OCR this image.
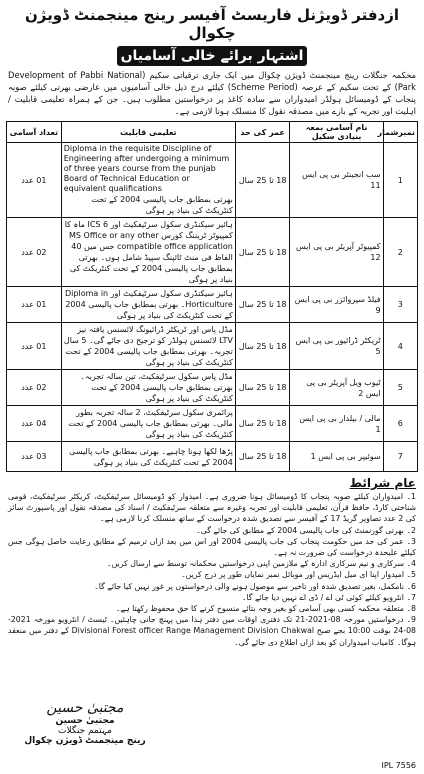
ازدفتر ڈویژنل فاریسٹ آفیسر رینج مینجمنٹ ڈویژن چکوال
اشتہار برائے خالی آسامیاں
محکمہ جنگلات رینج مینجمنٹ ڈویژن چکوال میں ایک جاری ترقیاتی سکیم (Development of Pabbi National Park) کے تحت سکیم کے عرصہ (Scheme Period) کیلئے درج ذیل خالی آسامیوں میں عارضی بھرتی کیلئے صوبہ پنجاب کے ڈومیسائل ہولڈر امیدواران سے سادہ کاغذ پر درخواستیں مطلوب ہیں۔ جن کے ہمراہ تعلیمی قابلیت / اہلیت اور تجربہ کے بارے میں مصدقہ نقول کا منسلک ہونا لازمی ہے۔
نمبرشمار	نام آسامی بمعہ بنیادی سکیل	عمر کی حد	تعلیمی قابلیت	تعداد آسامی
1	سب انجینئر بی پی ایس 11	18 تا 25 سال	Diploma in the requisite Discipline of Engineering after undergoing a minimum of three years course from the punjab Board of Technical Education or equivalent qualifications
بھرتی بمطابق جاب پالیسی 2004 کے تحت کنٹریکٹ کی بنیاد پر ہوگی	01 عدد
2	کمپیوٹر آپریٹر بی پی ایس 12	18 تا 25 سال	ہائیر سیکنڈری سکول سرٹیفکیٹ اور ICS 6 ماہ کا کمپیوٹر ٹریننگ کورس MS Office or any other compatible office application جس میں 40 الفاظ فی منٹ ٹائپنگ سپیڈ شامل ہوں۔ بھرتی بمطابق جاب پالیسی 2004 کے تحت کنٹریکٹ کی بنیاد پر ہوگی	02 عدد
3	فیلڈ سپروائزر بی پی ایس 9	18 تا 25 سال	ہائیر سیکنڈری سکول سرٹیفکیٹ اور Diploma in Horticulture۔ بھرتی بمطابق جاب پالیسی 2004 کے تحت کنٹریکٹ کی بنیاد پر ہوگی	01 عدد
4	ٹریکٹر ڈرائیور بی پی ایس 5	18 تا 25 سال	مڈل پاس اور ٹریکٹر ڈرائیونگ لائسنس یافتہ نیز LTV لائسنس ہولڈر کو ترجیح دی جائے گی۔ 5 سال تجربہ۔ بھرتی بمطابق جاب پالیسی 2004 کے تحت کنٹریکٹ کی بنیاد پر ہوگی	01 عدد
5	ٹیوب ویل آپریٹر بی پی ایس 2	18 تا 25 سال	مڈل پاس سکول سرٹیفکیٹ، تین سالہ تجربہ۔ بھرتی بمطابق جاب پالیسی 2004 کے تحت کنٹریکٹ کی بنیاد پر ہوگی	02 عدد
6	مالی / بیلدار بی پی ایس 1	18 تا 25 سال	پرائمری سکول سرٹیفکیٹ، 2 سالہ تجربہ بطور مالی۔ بھرتی بمطابق جاب پالیسی 2004 کے تحت کنٹریکٹ کی بنیاد پر ہوگی	04 عدد
7	سوئیپر بی پی ایس 1	18 تا 25 سال	پڑھا لکھا ہونا چاہیے۔ بھرتی بمطابق جاب پالیسی 2004 کے تحت کنٹریکٹ کی بنیاد پر ہوگی	03 عدد
عام شرائط
1۔ امیدواران کیلئے صوبہ پنجاب کا ڈومیسائل ہونا ضروری ہے۔ امیدوار کو ڈومیسائل سرٹیفکیٹ، کریکٹر سرٹیفکیٹ، قومی شناختی کارڈ، حافظ قرآن، تعلیمی قابلیت اور تجربہ وغیرہ سے متعلقہ سرٹیفکیٹ / اسناد کی مصدقہ نقول اور پاسپورٹ سائز کی 2 عدد تصاویر گریڈ 17 کے آفیسر سے تصدیق شدہ درخواست کے ساتھ منسلک کرنا لازمی ہے۔
2۔ بھرتی گورنمنٹ کی جاب پالیسی 2004 کے مطابق کی جائے گی۔
3۔ عمر کی حد میں حکومت پنجاب کی جاب پالیسی 2004 اور اس میں بعد ازاں ترمیم کے مطابق رعایت حاصل ہوگی جس کیلئے علیحدہ درخواست کی ضرورت نہ ہے۔
4۔ سرکاری و نیم سرکاری ادارہ کے ملازمین اپنی درخواستیں محکمانہ توسط سے ارسال کریں۔
5۔ امیدوار اپنا ای میل ایڈریس اور موبائل نمبر نمایاں طور پر درج کریں۔
6۔ نامکمل، بغیر تصدیق شدہ اور تاخیر سے موصول ہونے والی درخواستوں پر غور نہیں کیا جائے گا۔
7۔ انٹرویو کیلئے کوئی ٹی اے / ڈی اے نہیں دیا جائے گا۔
8۔ متعلقہ محکمہ کسی بھی آسامی کو بغیر وجہ بتائے منسوخ کرنے کا حق محفوظ رکھتا ہے۔
9۔ درخواستیں مورخہ 08-2021-21 تک دفتری اوقات میں دفتر ہذا میں پہنچ جانی چاہئیں۔ ٹیسٹ / انٹرویو مورخہ 2021-08-24 بوقت 10:00 بجے صبح Divisional Forest officer Range Management Division Chakwal کے دفتر میں منعقد ہوگا۔ کامیاب امیدواران کو بعد ازاں اطلاع دی جائے گی۔
مجتبیٰ حسین
مجتبیٰ حسین
مہتمم جنگلات
رینج مینجمنٹ ڈویژن چکوال
IPL 7556
